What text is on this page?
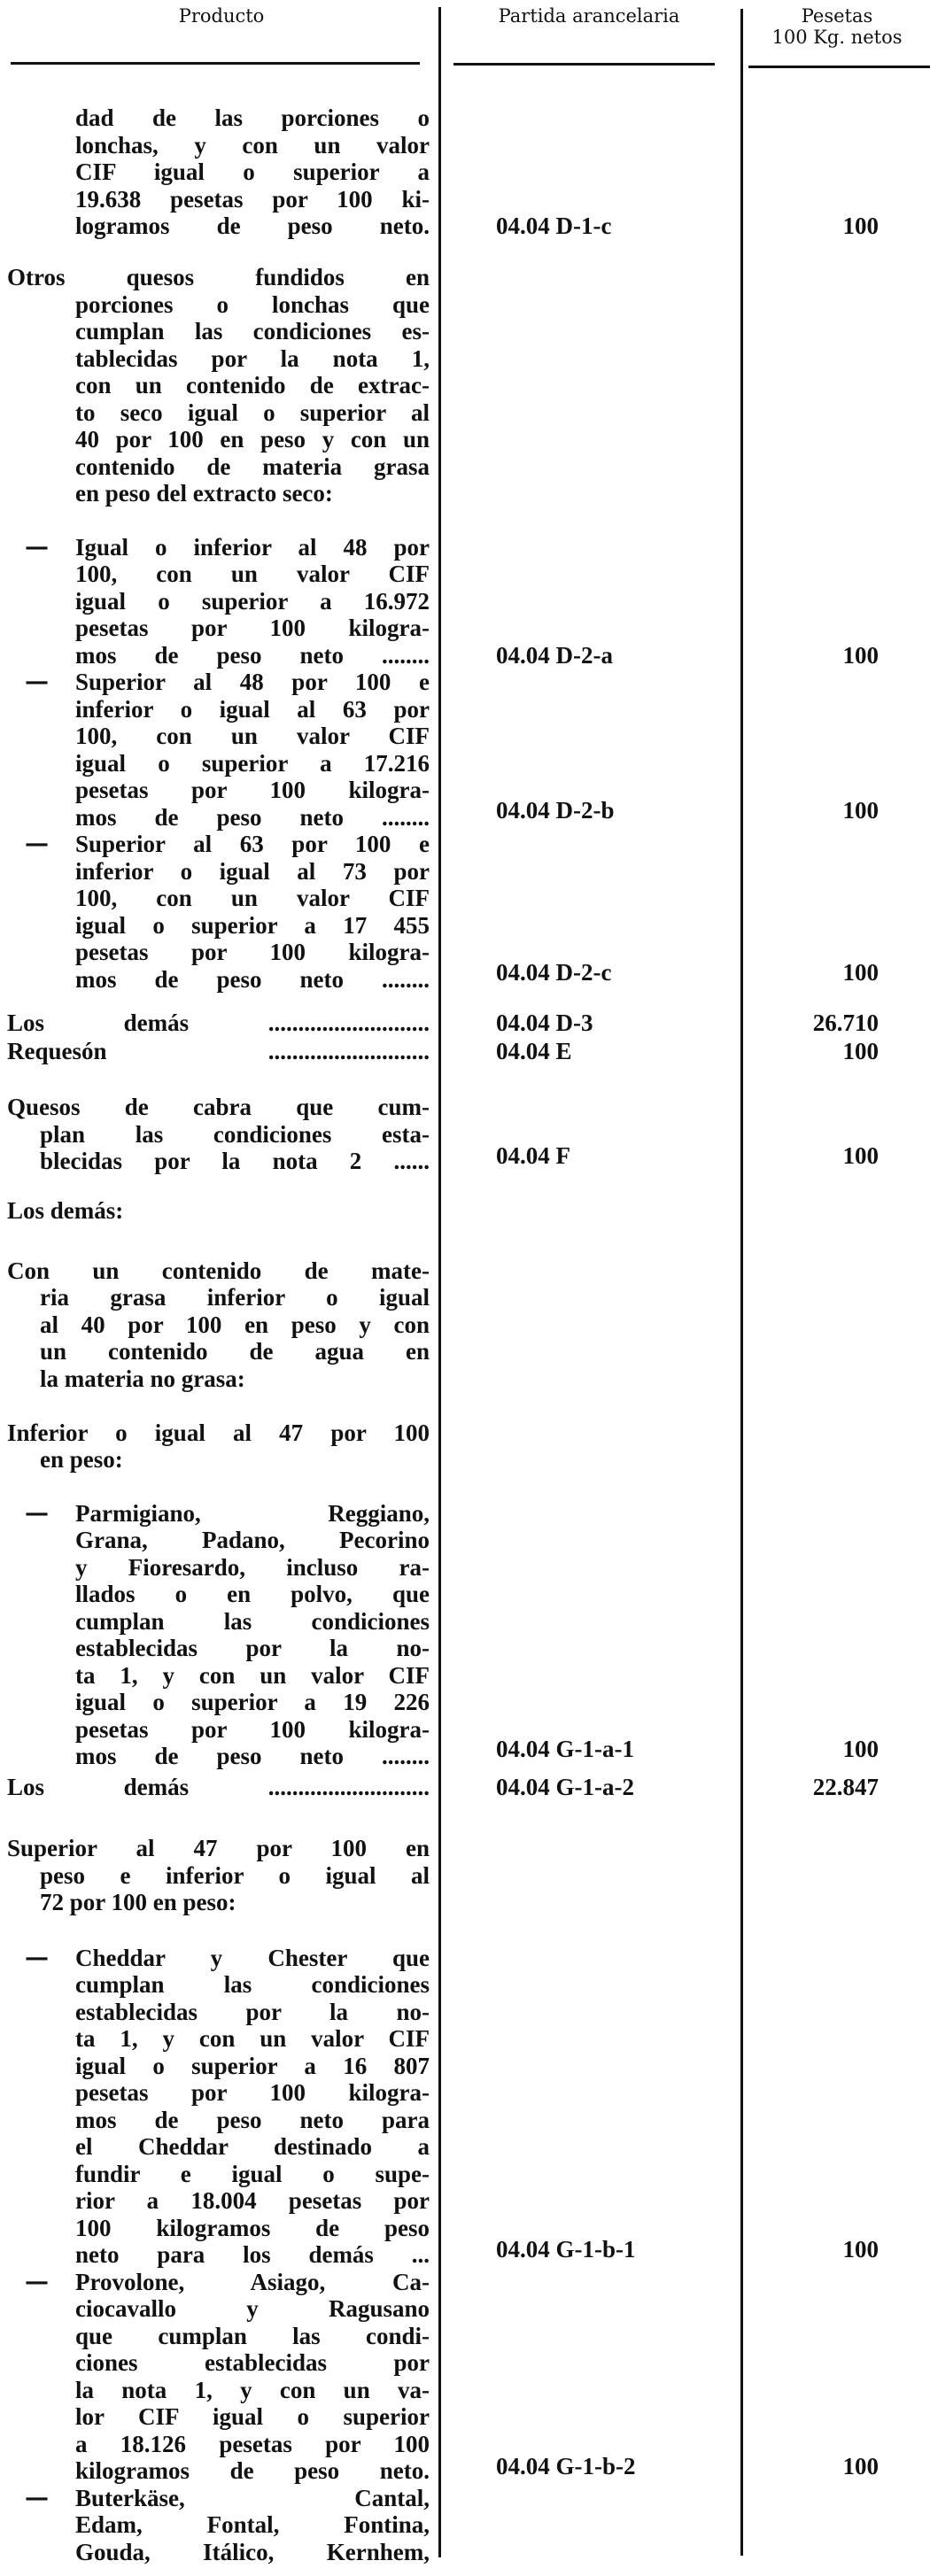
Producto	Partida arancelaria	Pesetas
100 Kg. netos
dad de las porciones o
lonchas, y con un valor
CIF igual o superior a
19.638 pesetas por 100 ki-
logramos de peso neto.
Otros quesos fundidos en
porciones o lonchas que
cumplan las condiciones es-
tablecidas por la nota 1,
con un contenido de extrac-
to seco igual o superior al
40 por 100 en peso y con un
contenido de materia grasa
en peso del extracto seco:
— Igual o inferior al 48 por
100, con un valor CIF
igual o superior a 16.972
pesetas por 100 kilogra-
mos de peso neto ........
— Superior al 48 por 100 e
inferior o igual al 63 por
100, con un valor CIF
igual o superior a 17.216
pesetas por 100 kilogra-
mos de peso neto ........
— Superior al 63 por 100 e
inferior o igual al 73 por
100, con un valor CIF
igual o superior a 17 455
pesetas por 100 kilogra-
mos de peso neto ........
Los demás ...........................
Requesón ...........................
Quesos de cabra que cum-
plan las condiciones esta-
blecidas por la nota 2 ......
Los demás:
Con un contenido de mate-
ria grasa inferior o igual
al 40 por 100 en peso y con
un contenido de agua en
la materia no grasa:
Inferior o igual al 47 por 100
en peso:
— Parmigiano, Reggiano,
Grana, Padano, Pecorino
y Fioresardo, incluso ra-
llados o en polvo, que
cumplan las condiciones
establecidas por la no-
ta 1, y con un valor CIF
igual o superior a 19 226
pesetas por 100 kilogra-
mos de peso neto ........
Los demás ...........................
Superior al 47 por 100 en
peso e inferior o igual al
72 por 100 en peso:
— Cheddar y Chester que
cumplan las condiciones
establecidas por la no-
ta 1, y con un valor CIF
igual o superior a 16 807
pesetas por 100 kilogra-
mos de peso neto para
el Cheddar destinado a
fundir e igual o supe-
rior a 18.004 pesetas por
100 kilogramos de peso
neto para los demás ...
— Provolone, Asiago, Ca-
ciocavallo y Ragusano
que cumplan las condi-
ciones establecidas por
la nota 1, y con un va-
lor CIF igual o superior
a 18.126 pesetas por 100
kilogramos de peso neto.
— Buterkäse, Cantal,
Edam, Fontal, Fontina,
Gouda, Itálico, Kernhem,
04.04 D-1-c
04.04 D-2-a
04.04 D-2-b
04.04 D-2-c
04.04 D-3
04.04 E
04.04 F
04.04 G-1-a-1
04.04 G-1-a-2
04.04 G-1-b-1
04.04 G-1-b-2
100
100
100
100
26.710
100
100
100
22.847
100
100
